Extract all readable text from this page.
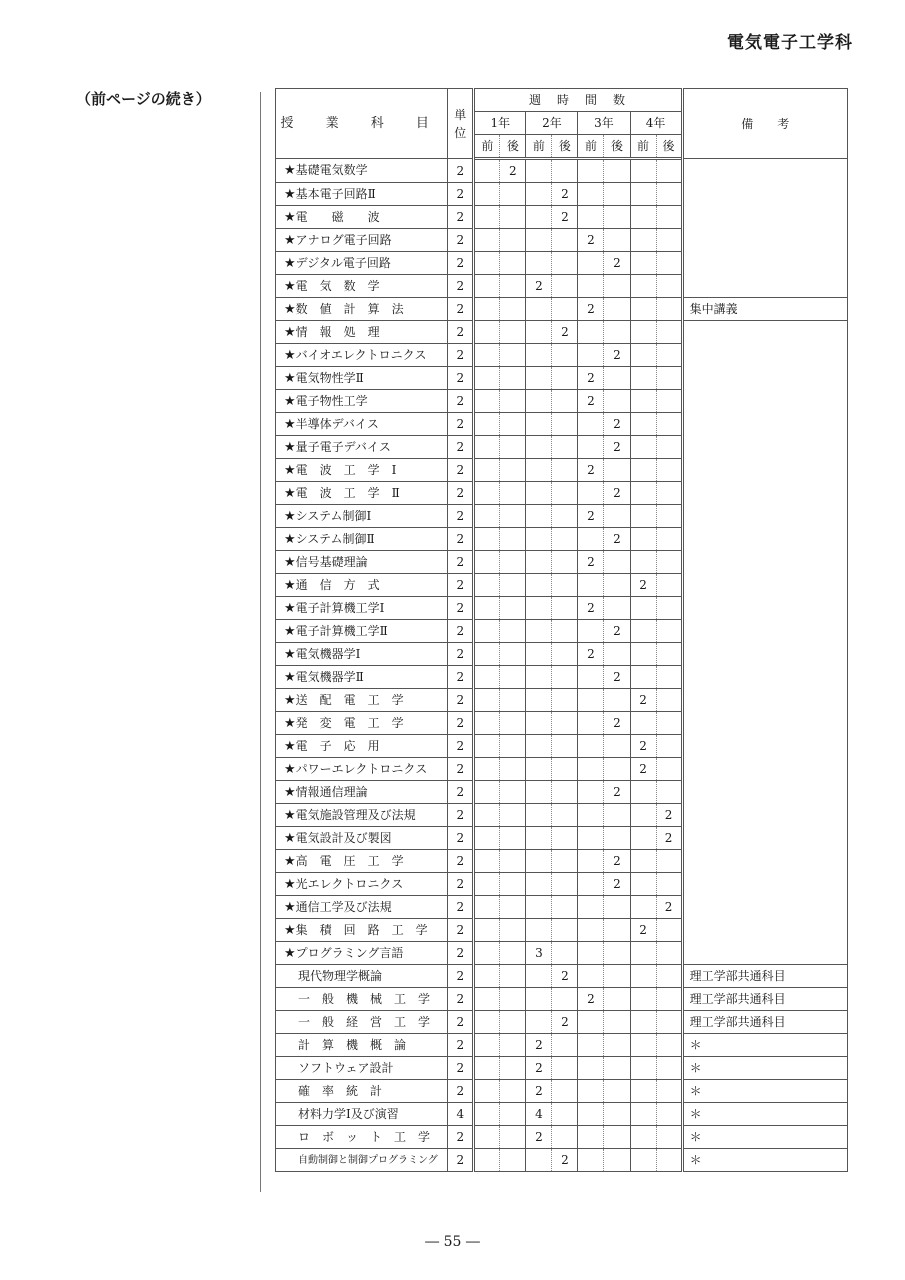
電気電子工学科
（前ページの続き）
授 業 科 目	単
位	週　時　間　数								備　　考
		1年		2年		3年		4年		
		前	後	前	後	前	後	前	後	
★基礎電気数学	2		2							
★基本電子回路Ⅱ	2				2					
★電　　磁　　波	2				2					
★アナログ電子回路	2					2				
★デジタル電子回路	2						2			
★電　気　数　学	2			2						
★数　値　計　算　法	2					2				集中講義
★情　報　処　理	2				2					
★バイオエレクトロニクス	2						2			
★電気物性学Ⅱ	2					2				
★電子物性工学	2					2				
★半導体デバイス	2						2			
★量子電子デバイス	2						2			
★電　波　工　学　Ⅰ	2					2				
★電　波　工　学　Ⅱ	2						2			
★システム制御Ⅰ	2					2				
★システム制御Ⅱ	2						2			
★信号基礎理論	2					2				
★通　信　方　式	2							2		
★電子計算機工学Ⅰ	2					2				
★電子計算機工学Ⅱ	2						2			
★電気機器学Ⅰ	2					2				
★電気機器学Ⅱ	2						2			
★送　配　電　工　学	2							2		
★発　変　電　工　学	2						2			
★電　子　応　用	2							2		
★パワーエレクトロニクス	2							2		
★情報通信理論	2						2			
★電気施設管理及び法規	2								2	
★電気設計及び製図	2								2	
★高　電　圧　工　学	2						2			
★光エレクトロニクス	2						2			
★通信工学及び法規	2								2	
★集　積　回　路　工　学	2							2		
★プログラミング言語	2			3						
現代物理学概論	2				2					理工学部共通科目
一　般　機　械　工　学	2					2				理工学部共通科目
一　般　経　営　工　学	2				2					理工学部共通科目
計　算　機　概　論	2			2						＊
ソフトウェア設計	2			2						＊
確　率　統　計	2			2						＊
材料力学Ⅰ及び演習	4			4						＊
ロ　ボ　ッ　ト　工　学	2			2						＊
自動制御と制御プログラミング	2				2					＊
― 55 ―
